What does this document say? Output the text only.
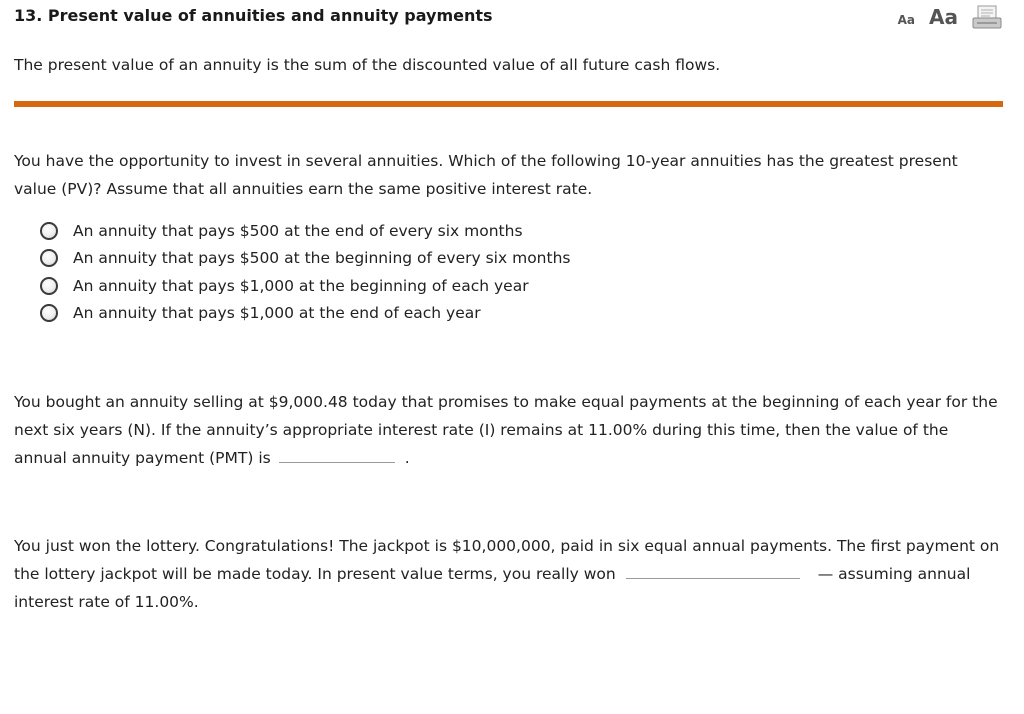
13. Present value of annuities and annuity payments	Aa Aa
The present value of an annuity is the sum of the discounted value of all future cash flows.
You have the opportunity to invest in several annuities. Which of the following 10-year annuities has the greatest present value (PV)? Assume that all annuities earn the same positive interest rate.
An annuity that pays $500 at the end of every six months
An annuity that pays $500 at the beginning of every six months
An annuity that pays $1,000 at the beginning of each year
An annuity that pays $1,000 at the end of each year
You bought an annuity selling at $9,000.48 today that promises to make equal payments at the beginning of each year for the next six years (N). If the annuity’s appropriate interest rate (I) remains at 11.00% during this time, then the value of the annual annuity payment (PMT) is	.
You just won the lottery. Congratulations! The jackpot is $10,000,000, paid in six equal annual payments. The first payment on the lottery jackpot will be made today. In present value terms, you really won	— assuming annual interest rate of 11.00%.
